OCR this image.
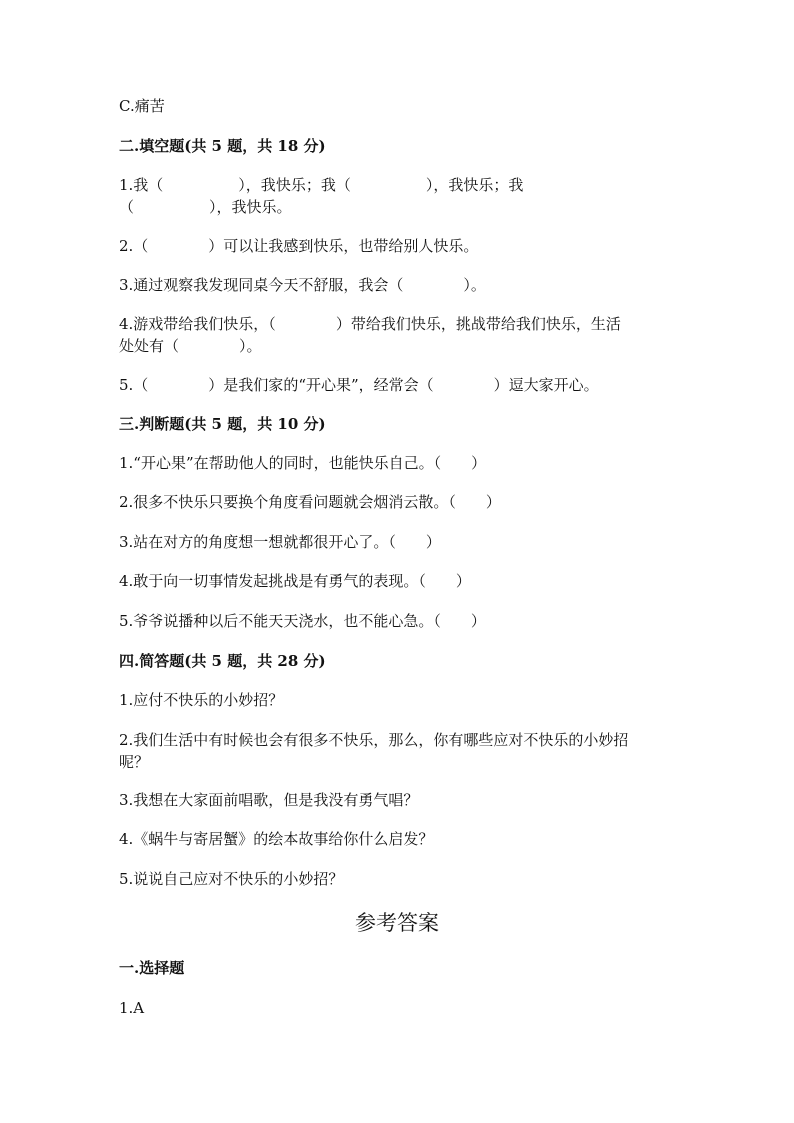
C.痛苦
二.填空题(共 5 题，共 18 分)
1.我（　　　　　），我快乐；我（　　　　　），我快乐；我
（　　　　　），我快乐。
2.（　　　　）可以让我感到快乐，也带给别人快乐。
3.通过观察我发现同桌今天不舒服，我会（　　　　）。
4.游戏带给我们快乐，（　　　　）带给我们快乐，挑战带给我们快乐，生活
处处有（　　　　）。
5.（　　　　）是我们家的“开心果”，经常会（　　　　）逗大家开心。
三.判断题(共 5 题，共 10 分)
1.“开心果”在帮助他人的同时，也能快乐自己。（　　）
2.很多不快乐只要换个角度看问题就会烟消云散。（　　）
3.站在对方的角度想一想就都很开心了。（　　）
4.敢于向一切事情发起挑战是有勇气的表现。（　　）
5.爷爷说播种以后不能天天浇水，也不能心急。（　　）
四.简答题(共 5 题，共 28 分)
1.应付不快乐的小妙招？
2.我们生活中有时候也会有很多不快乐，那么，你有哪些应对不快乐的小妙招
呢？
3.我想在大家面前唱歌，但是我没有勇气唱？
4.《蜗牛与寄居蟹》的绘本故事给你什么启发？
5.说说自己应对不快乐的小妙招？
参考答案
一.选择题
1.A
